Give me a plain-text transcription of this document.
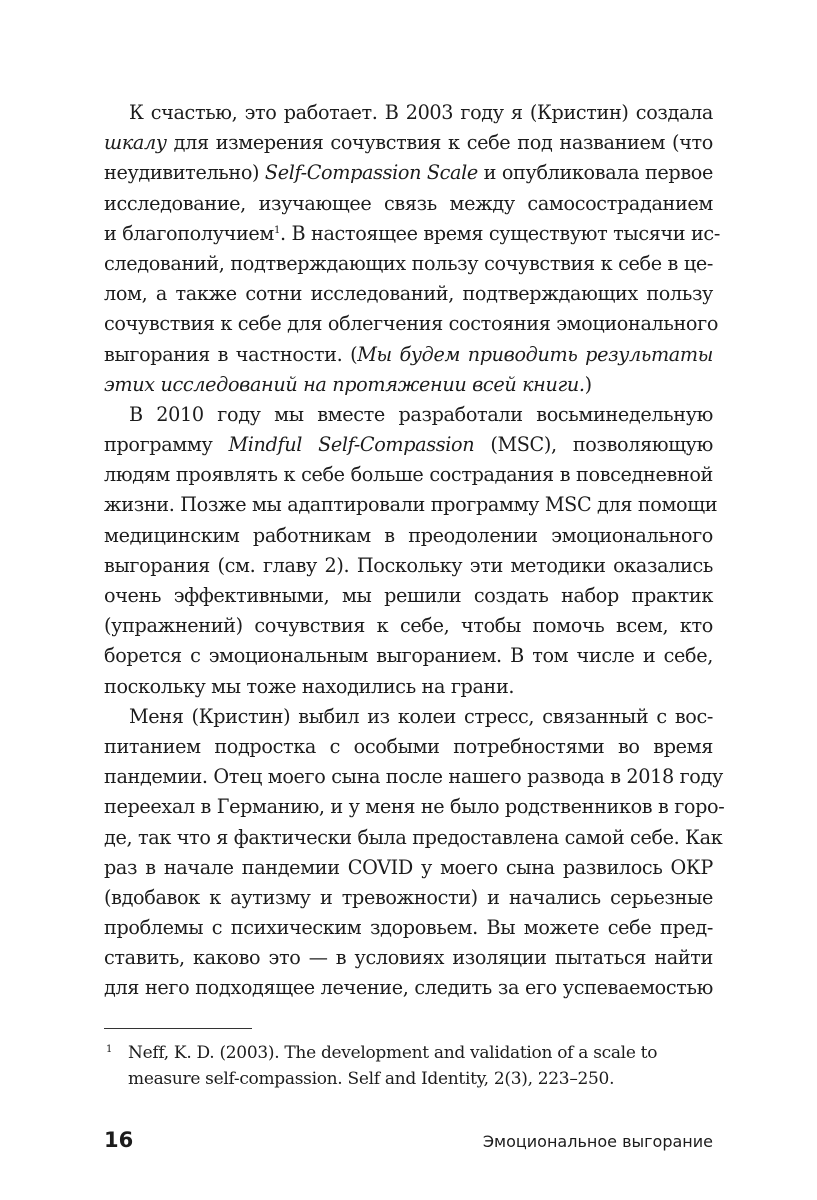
К счастью, это работает. В 2003 году я (Кристин) создала
шкалу для измерения сочувствия к себе под названием (что
неудивительно) Self-Compassion Scale и опубликовала первое
исследование, изучающее связь между самосостраданием
и благополучием$^1$. В настоящее время существуют тысячи ис-
следований, подтверждающих пользу сочувствия к себе в це-
лом, а также сотни исследований, подтверждающих пользу
сочувствия к себе для облегчения состояния эмоционального
выгорания в частности. (Мы будем приводить результаты
этих исследований на протяжении всей книги.)
В 2010 году мы вместе разработали восьминедельную
программу Mindful Self-Compassion (MSC), позволяющую
людям проявлять к себе больше сострадания в повседневной
жизни. Позже мы адаптировали программу MSC для помощи
медицинским работникам в преодолении эмоционального
выгорания (см. главу 2). Поскольку эти методики оказались
очень эффективными, мы решили создать набор практик
(упражнений) сочувствия к себе, чтобы помочь всем, кто
борется с эмоциональным выгоранием. В том числе и себе,
поскольку мы тоже находились на грани.
Меня (Кристин) выбил из колеи стресс, связанный с вос-
питанием подростка с особыми потребностями во время
пандемии. Отец моего сына после нашего развода в 2018 году
переехал в Германию, и у меня не было родственников в горо-
де, так что я фактически была предоставлена самой себе. Как
раз в начале пандемии COVID у моего сына развилось ОКР
(вдобавок к аутизму и тревожности) и начались серьезные
проблемы с психическим здоровьем. Вы можете себе пред-
ставить, каково это — в условиях изоляции пытаться найти
для него подходящее лечение, следить за его успеваемостью
1 Neff, K. D. (2003). The development and validation of a scale to
measure self-compassion. Self and Identity, 2(3), 223–250.
16	Эмоциональное выгорание
